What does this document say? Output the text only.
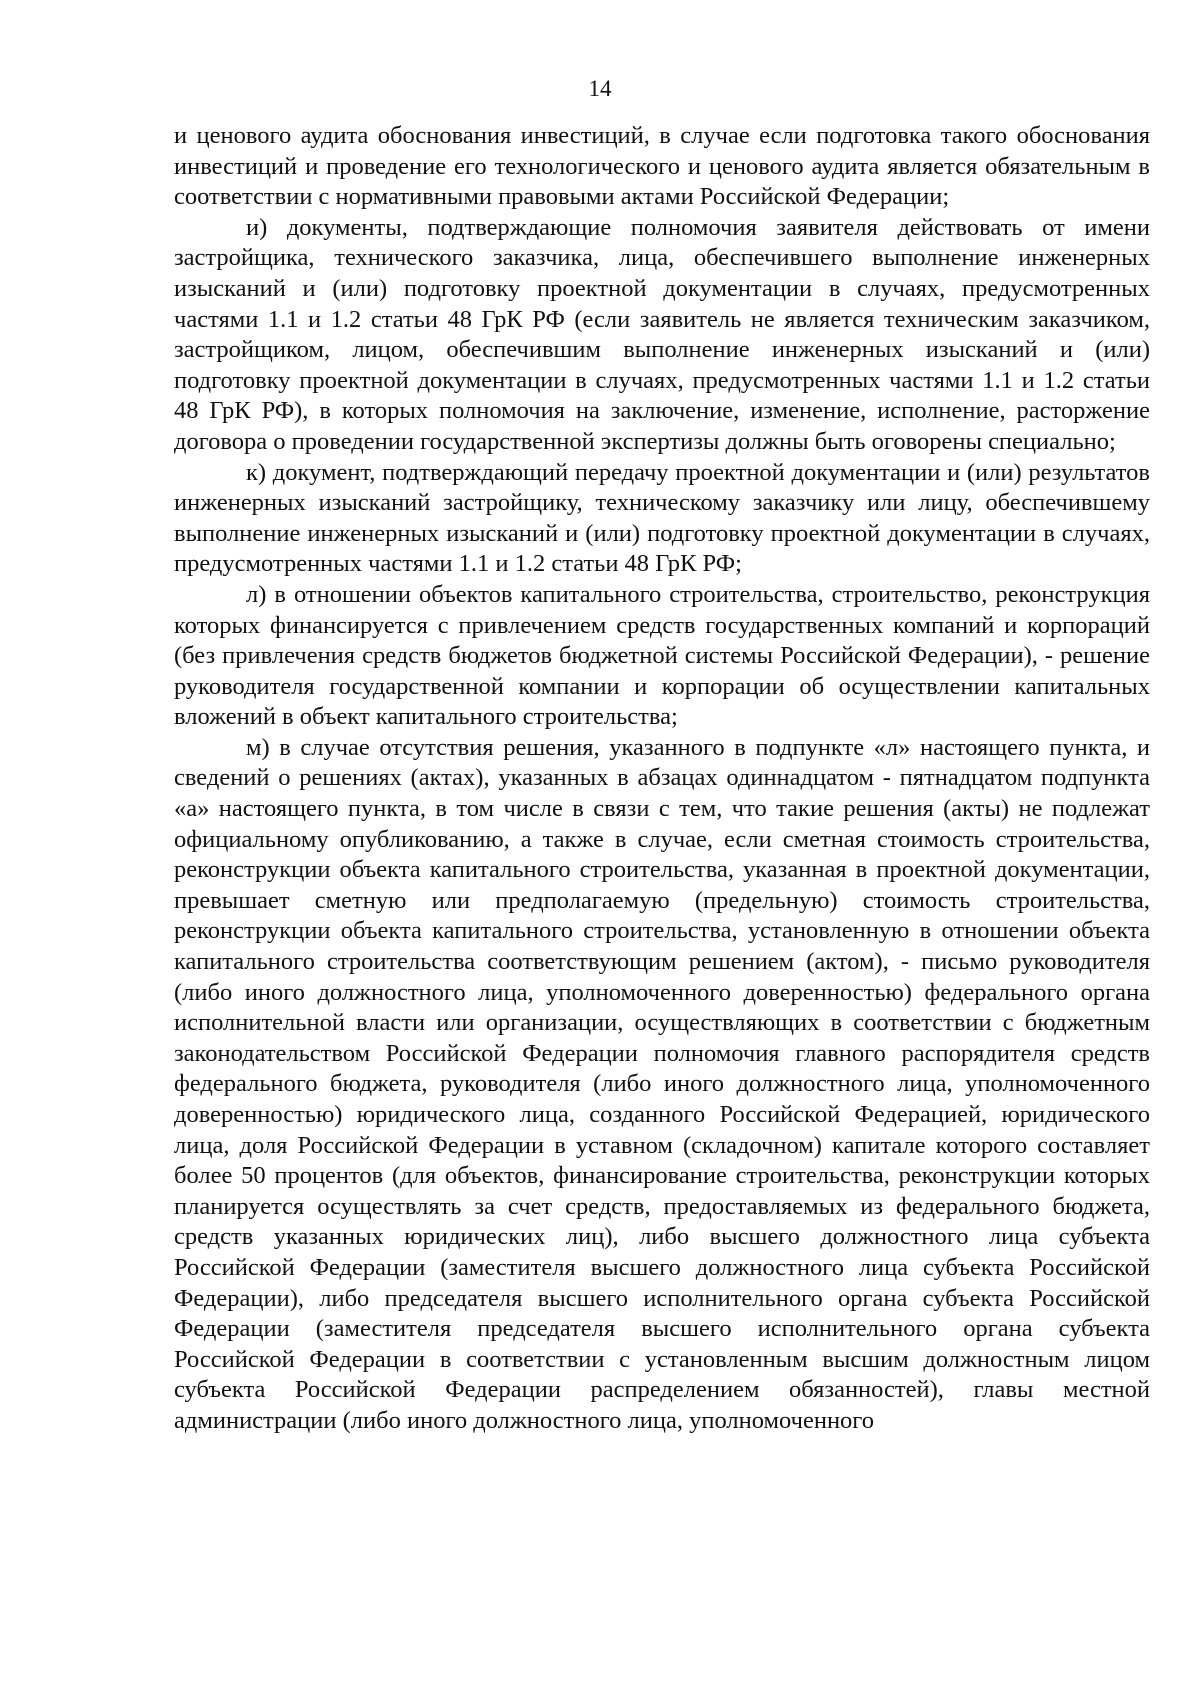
14

и ценового аудита обоснования инвестиций, в случае если подготовка такого обоснования инвестиций и проведение его технологического и ценового аудита является обязательным в соответствии с нормативными правовыми актами Российской Федерации;

и) документы, подтверждающие полномочия заявителя действовать от имени застройщика, технического заказчика, лица, обеспечившего выполнение инженерных изысканий и (или) подготовку проектной документации в случаях, предусмотренных частями 1.1 и 1.2 статьи 48 ГрК РФ (если заявитель не является техническим заказчиком, застройщиком, лицом, обеспечившим выполнение инженерных изысканий и (или) подготовку проектной документации в случаях, предусмотренных частями 1.1 и 1.2 статьи 48 ГрК РФ), в которых полномочия на заключение, изменение, исполнение, расторжение договора о проведении государственной экспертизы должны быть оговорены специально;

к) документ, подтверждающий передачу проектной документации и (или) результатов инженерных изысканий застройщику, техническому заказчику или лицу, обеспечившему выполнение инженерных изысканий и (или) подготовку проектной документации в случаях, предусмотренных частями 1.1 и 1.2 статьи 48 ГрК РФ;

л) в отношении объектов капитального строительства, строительство, реконструкция которых финансируется с привлечением средств государственных компаний и корпораций (без привлечения средств бюджетов бюджетной системы Российской Федерации), - решение руководителя государственной компании и корпорации об осуществлении капитальных вложений в объект капитального строительства;

м) в случае отсутствия решения, указанного в подпункте «л» настоящего пункта, и сведений о решениях (актах), указанных в абзацах одиннадцатом - пятнадцатом подпункта «а» настоящего пункта, в том числе в связи с тем, что такие решения (акты) не подлежат официальному опубликованию, а также в случае, если сметная стоимость строительства, реконструкции объекта капитального строительства, указанная в проектной документации, превышает сметную или предполагаемую (предельную) стоимость строительства, реконструкции объекта капитального строительства, установленную в отношении объекта капитального строительства соответствующим решением (актом), - письмо руководителя (либо иного должностного лица, уполномоченного доверенностью) федерального органа исполнительной власти или организации, осуществляющих в соответствии с бюджетным законодательством Российской Федерации полномочия главного распорядителя средств федерального бюджета, руководителя (либо иного должностного лица, уполномоченного доверенностью) юридического лица, созданного Российской Федерацией, юридического лица, доля Российской Федерации в уставном (складочном) капитале которого составляет более 50 процентов (для объектов, финансирование строительства, реконструкции которых планируется осуществлять за счет средств, предоставляемых из федерального бюджета, средств указанных юридических лиц), либо высшего должностного лица субъекта Российской Федерации (заместителя высшего должностного лица субъекта Российской Федерации), либо председателя высшего исполнительного органа субъекта Российской Федерации (заместителя председателя высшего исполнительного органа субъекта Российской Федерации в соответствии с установленным высшим должностным лицом субъекта Российской Федерации распределением обязанностей), главы местной администрации (либо иного должностного лица, уполномоченного
